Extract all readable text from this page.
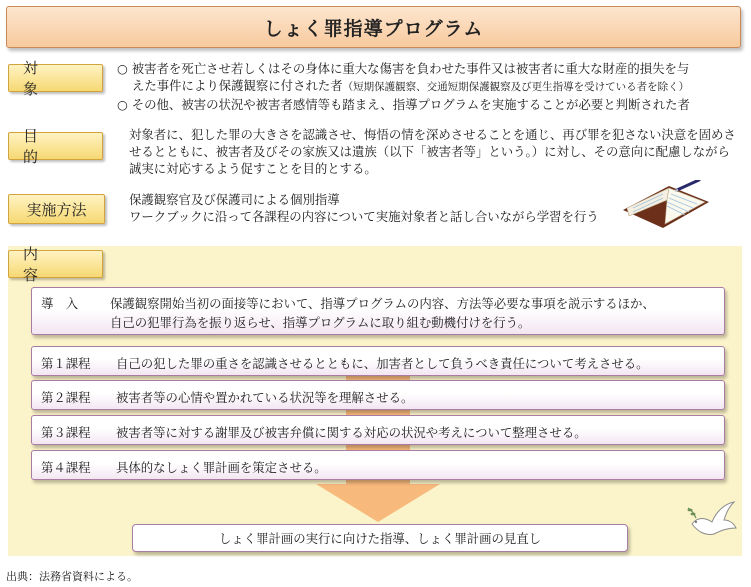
しょく罪指導プログラム
対　象
○ 被害者を死亡させ若しくはその身体に重大な傷害を負わせた事件又は被害者に重大な財産的損失を与
えた事件により保護観察に付された者（短期保護観察、交通短期保護観察及び更生指導を受けている者を除く）
○ その他、被害の状況や被害者感情等も踏まえ、指導プログラムを実施することが必要と判断された者
目　的
対象者に、犯した罪の大きさを認識させ、悔悟の情を深めさせることを通じ、再び罪を犯さない決意を固めさ
せるとともに、被害者及びその家族又は遺族（以下「被害者等」という。）に対し、その意向に配慮しながら
誠実に対応するよう促すことを目的とする。
実施方法
保護観察官及び保護司による個別指導
ワークブックに沿って各課程の内容について実施対象者と話し合いながら学習を行う
内　容
導　入	保護観察開始当初の面接等において、指導プログラムの内容、方法等必要な事項を説示するほか、
自己の犯罪行為を振り返らせ、指導プログラムに取り組む動機付けを行う。
第１課程 自己の犯した罪の重さを認識させるとともに、加害者として負うべき責任について考えさせる。
第２課程 被害者等の心情や置かれている状況等を理解させる。
第３課程 被害者等に対する謝罪及び被害弁償に関する対応の状況や考えについて整理させる。
第４課程 具体的なしょく罪計画を策定させる。
しょく罪計画の実行に向けた指導、しょく罪計画の見直し
出典：法務省資料による。
